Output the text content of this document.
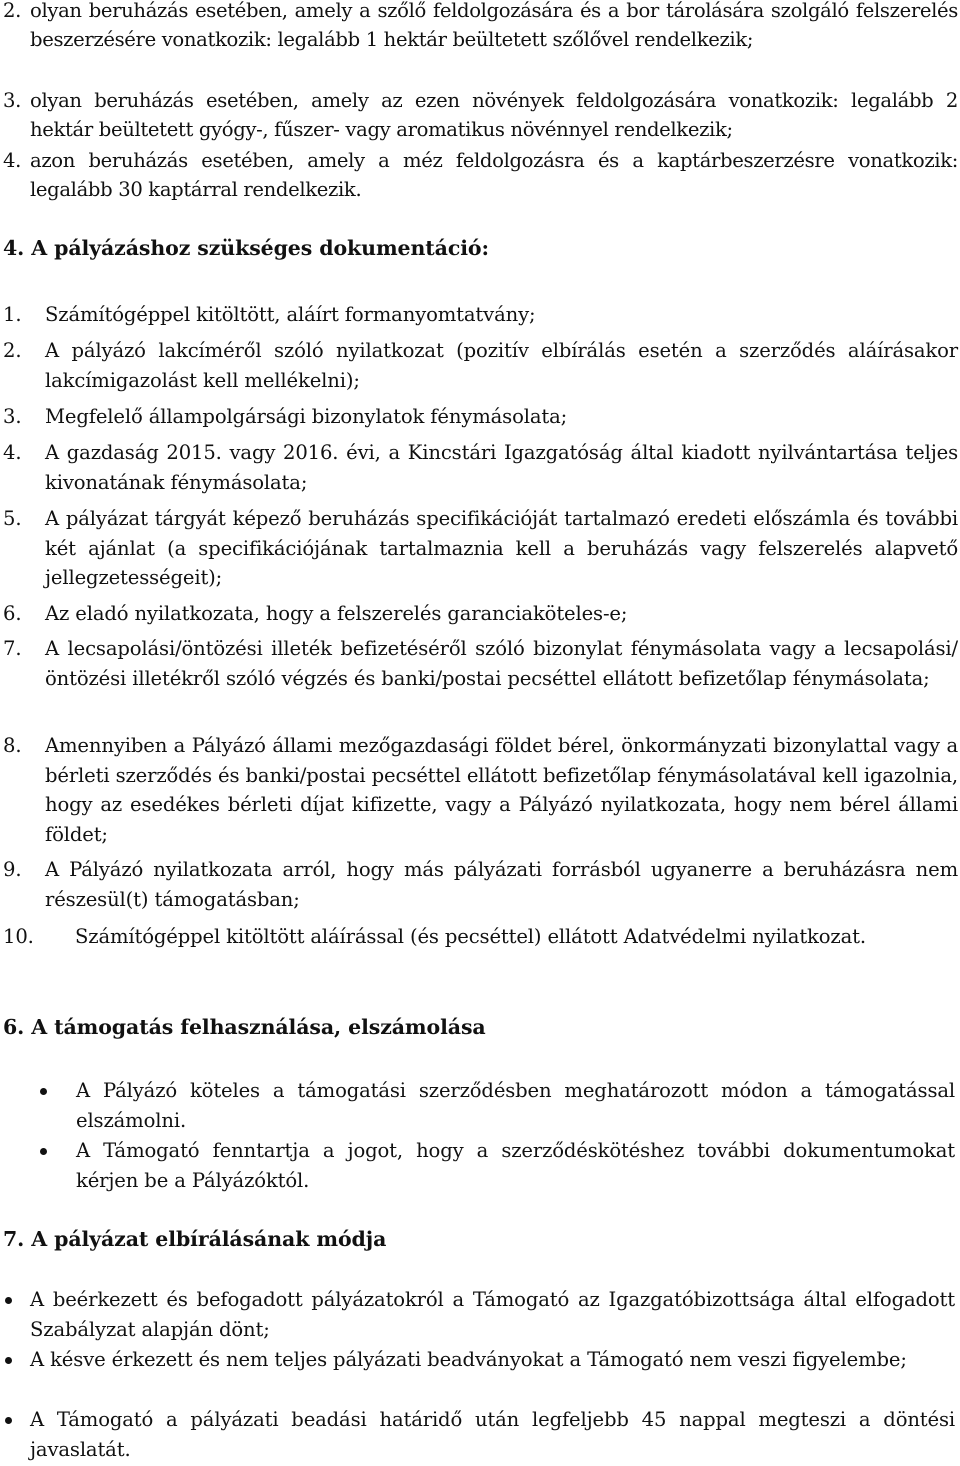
2. olyan beruházás esetében, amely a szőlő feldolgozására és a bor tárolására szolgáló felszerelés beszerzésére vonatkozik: legalább 1 hektár beültetett szőlővel rendelkezik;
3. olyan beruházás esetében, amely az ezen növények feldolgozására vonatkozik: legalább 2 hektár beültetett gyógy-, fűszer- vagy aromatikus növénnyel rendelkezik;
4. azon beruházás esetében, amely a méz feldolgozásra és a kaptárbeszerzésre vonatkozik: legalább 30 kaptárral rendelkezik.
4. A pályázáshoz szükséges dokumentáció:
1. Számítógéppel kitöltött, aláírt formanyomtatvány;
2. A pályázó lakcíméről szóló nyilatkozat (pozitív elbírálás esetén a szerződés aláírásakor lakcímigazolást kell mellékelni);
3. Megfelelő állampolgársági bizonylatok fénymásolata;
4. A gazdaság 2015. vagy 2016. évi, a Kincstári Igazgatóság által kiadott nyilvántartása teljes kivonatának fénymásolata;
5. A pályázat tárgyát képező beruházás specifikációját tartalmazó eredeti előszámla és további két ajánlat (a specifikációjának tartalmaznia kell a beruházás vagy felszerelés alapvető jellegzetességeit);
6. Az eladó nyilatkozata, hogy a felszerelés garanciaköteles-e;
7. A lecsapolási/öntözési illeték befizetéséről szóló bizonylat fénymásolata vagy a lecsapolási/öntözési illetékről szóló végzés és banki/postai pecséttel ellátott befizetőlap fénymásolata;
8. Amennyiben a Pályázó állami mezőgazdasági földet bérel, önkormányzati bizonylattal vagy a bérleti szerződés és banki/postai pecséttel ellátott befizetőlap fénymásolatával kell igazolnia, hogy az esedékes bérleti díjat kifizette, vagy a Pályázó nyilatkozata, hogy nem bérel állami földet;
9. A Pályázó nyilatkozata arról, hogy más pályázati forrásból ugyanerre a beruházásra nem részesül(t) támogatásban;
10. Számítógéppel kitöltött aláírással (és pecséttel) ellátott Adatvédelmi nyilatkozat.
6. A támogatás felhasználása, elszámolása
A Pályázó köteles a támogatási szerződésben meghatározott módon a támogatással elszámolni.
A Támogató fenntartja a jogot, hogy a szerződéskötéshez további dokumentumokat kérjen be a Pályázóktól.
7. A pályázat elbírálásának módja
A beérkezett és befogadott pályázatokról a Támogató az Igazgatóbizottsága által elfogadott Szabályzat alapján dönt;
A késve érkezett és nem teljes pályázati beadványokat a Támogató nem veszi figyelembe;
A Támogató a pályázati beadási határidő után legfeljebb 45 nappal megteszi a döntési javaslatát.
